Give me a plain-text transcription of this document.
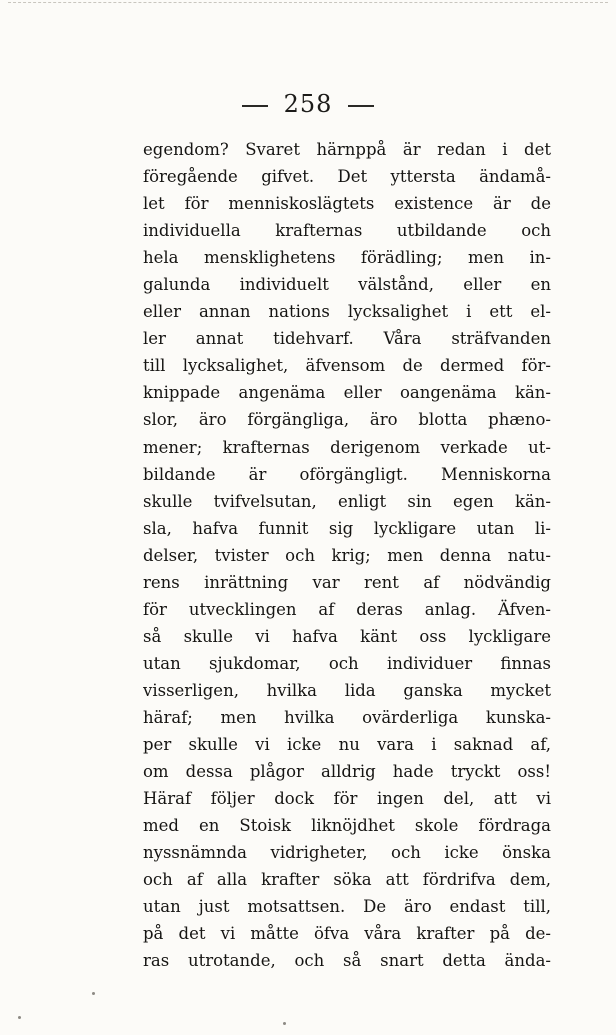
258
egendom? Svaret härnppå är redan i det
föregående gifvet. Det yttersta ändamå-
let för menniskoslägtets existence är de
individuella krafternas utbildande och
hela mensklighetens förädling; men in-
galunda individuelt välstånd, eller en
eller annan nations lycksalighet i ett el-
ler annat tidehvarf. Våra sträfvanden
till lycksalighet, äfvensom de dermed för-
knippade angenäma eller oangenäma kän-
slor, äro förgängliga, äro blotta phæno-
mener; krafternas derigenom verkade ut-
bildande är oförgängligt. Menniskorna
skulle tvifvelsutan, enligt sin egen kän-
sla, hafva funnit sig lyckligare utan li-
delser, tvister och krig; men denna natu-
rens inrättning var rent af nödvändig
för utvecklingen af deras anlag. Äfven-
så skulle vi hafva känt oss lyckligare
utan sjukdomar, och individuer finnas
visserligen, hvilka lida ganska mycket
häraf; men hvilka ovärderliga kunska-
per skulle vi icke nu vara i saknad af,
om dessa plågor alldrig hade tryckt oss!
Häraf följer dock för ingen del, att vi
med en Stoisk liknöjdhet skole fördraga
nyssnämnda vidrigheter, och icke önska
och af alla krafter söka att fördrifva dem,
utan just motsattsen. De äro endast till,
på det vi måtte öfva våra krafter på de-
ras utrotande, och så snart detta ända-
